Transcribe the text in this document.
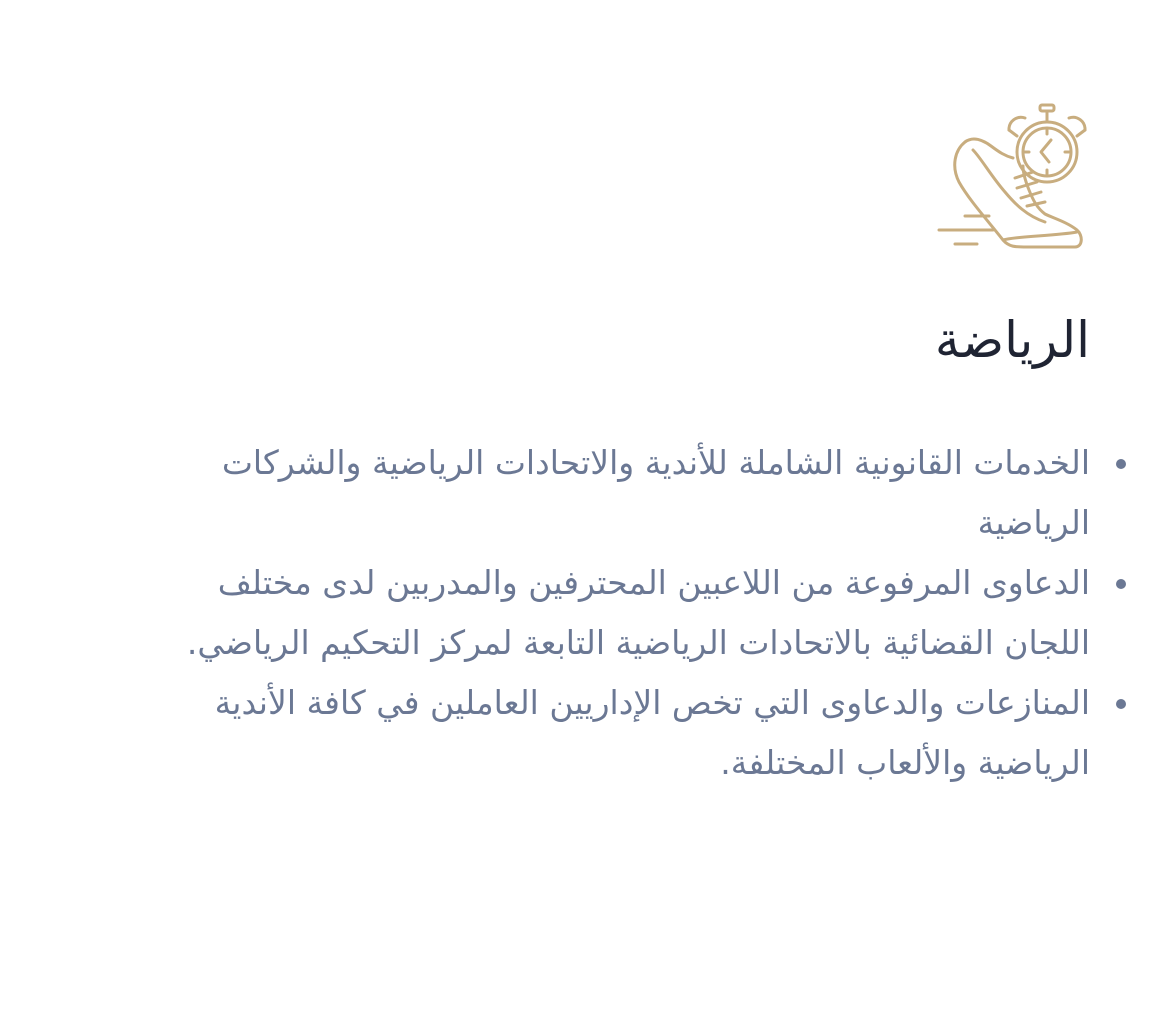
الرياضة
الخدمات القانونية الشاملة للأندية والاتحادات الرياضية والشركات الرياضية
الدعاوى المرفوعة من اللاعبين المحترفين والمدربين لدى مختلف اللجان القضائية بالاتحادات الرياضية التابعة لمركز التحكيم الرياضي.
المنازعات والدعاوى التي تخص الإداريين العاملين في كافة الأندية الرياضية والألعاب المختلفة.
